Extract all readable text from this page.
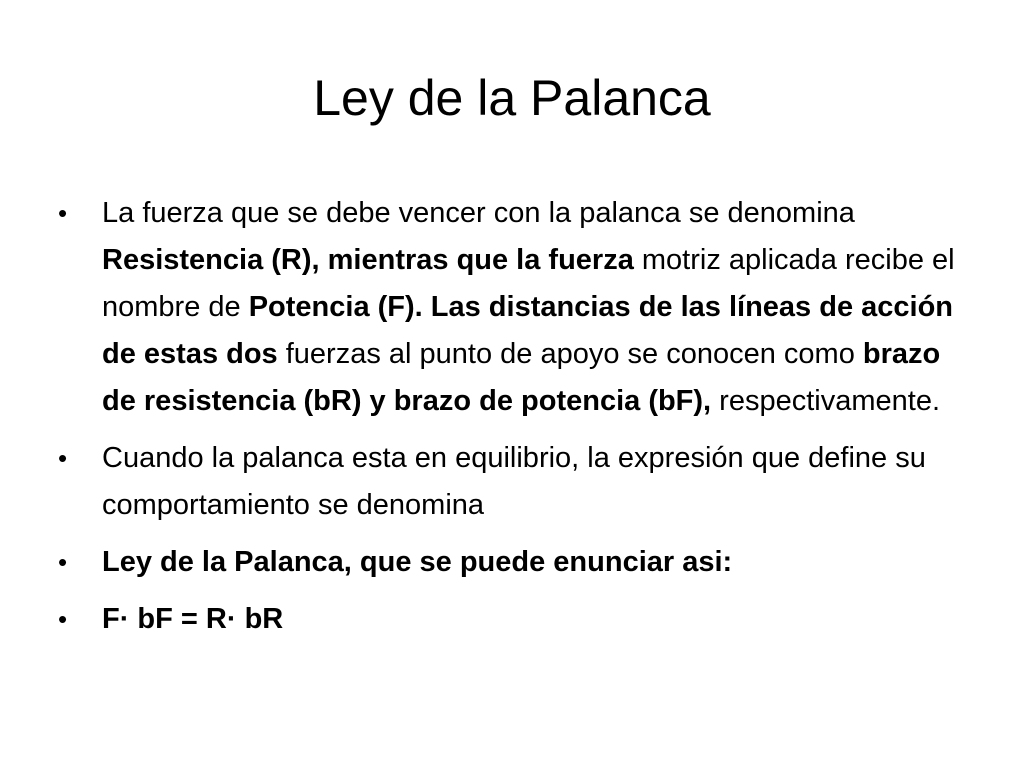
Ley de la Palanca
•	La fuerza que se debe vencer con la palanca se denomina Resistencia (R), mientras que la fuerza motriz aplicada recibe el nombre de Potencia (F). Las distancias de las líneas de acción de estas dos fuerzas al punto de apoyo se conocen como brazo de resistencia (bR) y brazo de potencia (bF), respectivamente.
•	Cuando la palanca esta en equilibrio, la expresión que define su comportamiento se denomina
•	Ley de la Palanca, que se puede enunciar asi:
•	F· bF = R· bR
